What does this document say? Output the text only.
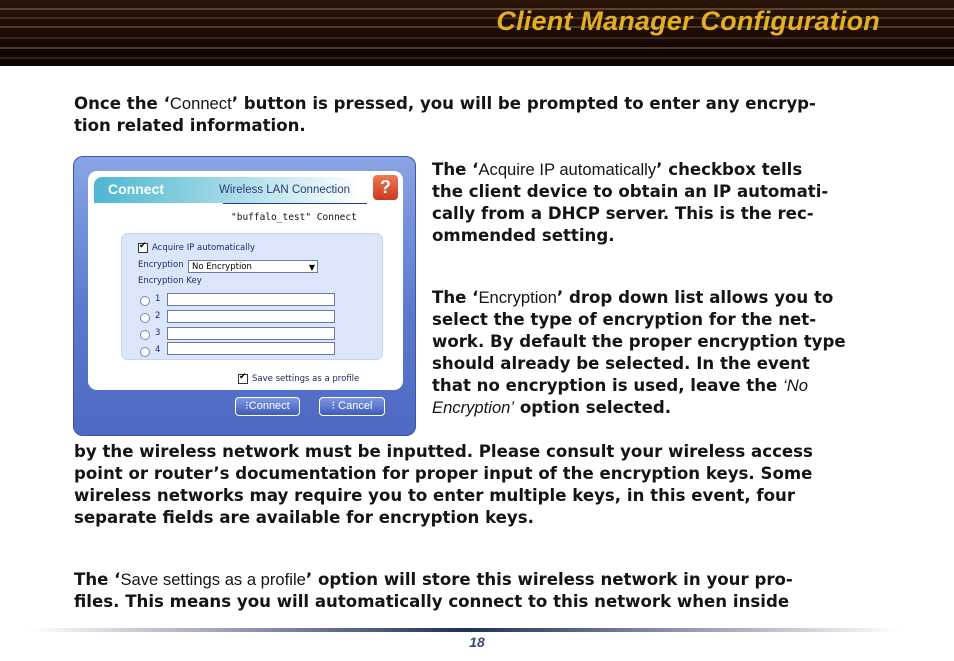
Client Manager Configuration
Once the ‘Connect’ button is pressed, you will be prompted to enter any encryp-
tion related information.
Connect	Wireless LAN Connection	?
"buffalo_test" Connect
✔
Acquire IP automatically
Encryption No Encryption	▼
Encryption Key
1
2
3
4
✔
Save settings as a profile
⁝Connect	⁝ Cancel
The ‘Acquire IP automatically’ checkbox tells
the client device to obtain an IP automati-
cally from a DHCP server. This is the rec-
ommended setting.
The ‘Encryption’ drop down list allows you to
select the type of encryption for the net-
work. By default the proper encryption type
should already be selected. In the event
that no encryption is used, leave the ‘No
Encryption’ option selected.
by the wireless network must be inputted. Please consult your wireless access
point or router’s documentation for proper input of the encryption keys. Some
wireless networks may require you to enter multiple keys, in this event, four
separate fields are available for encryption keys.
The ‘Save settings as a profile’ option will store this wireless network in your pro-
files. This means you will automatically connect to this network when inside
18
